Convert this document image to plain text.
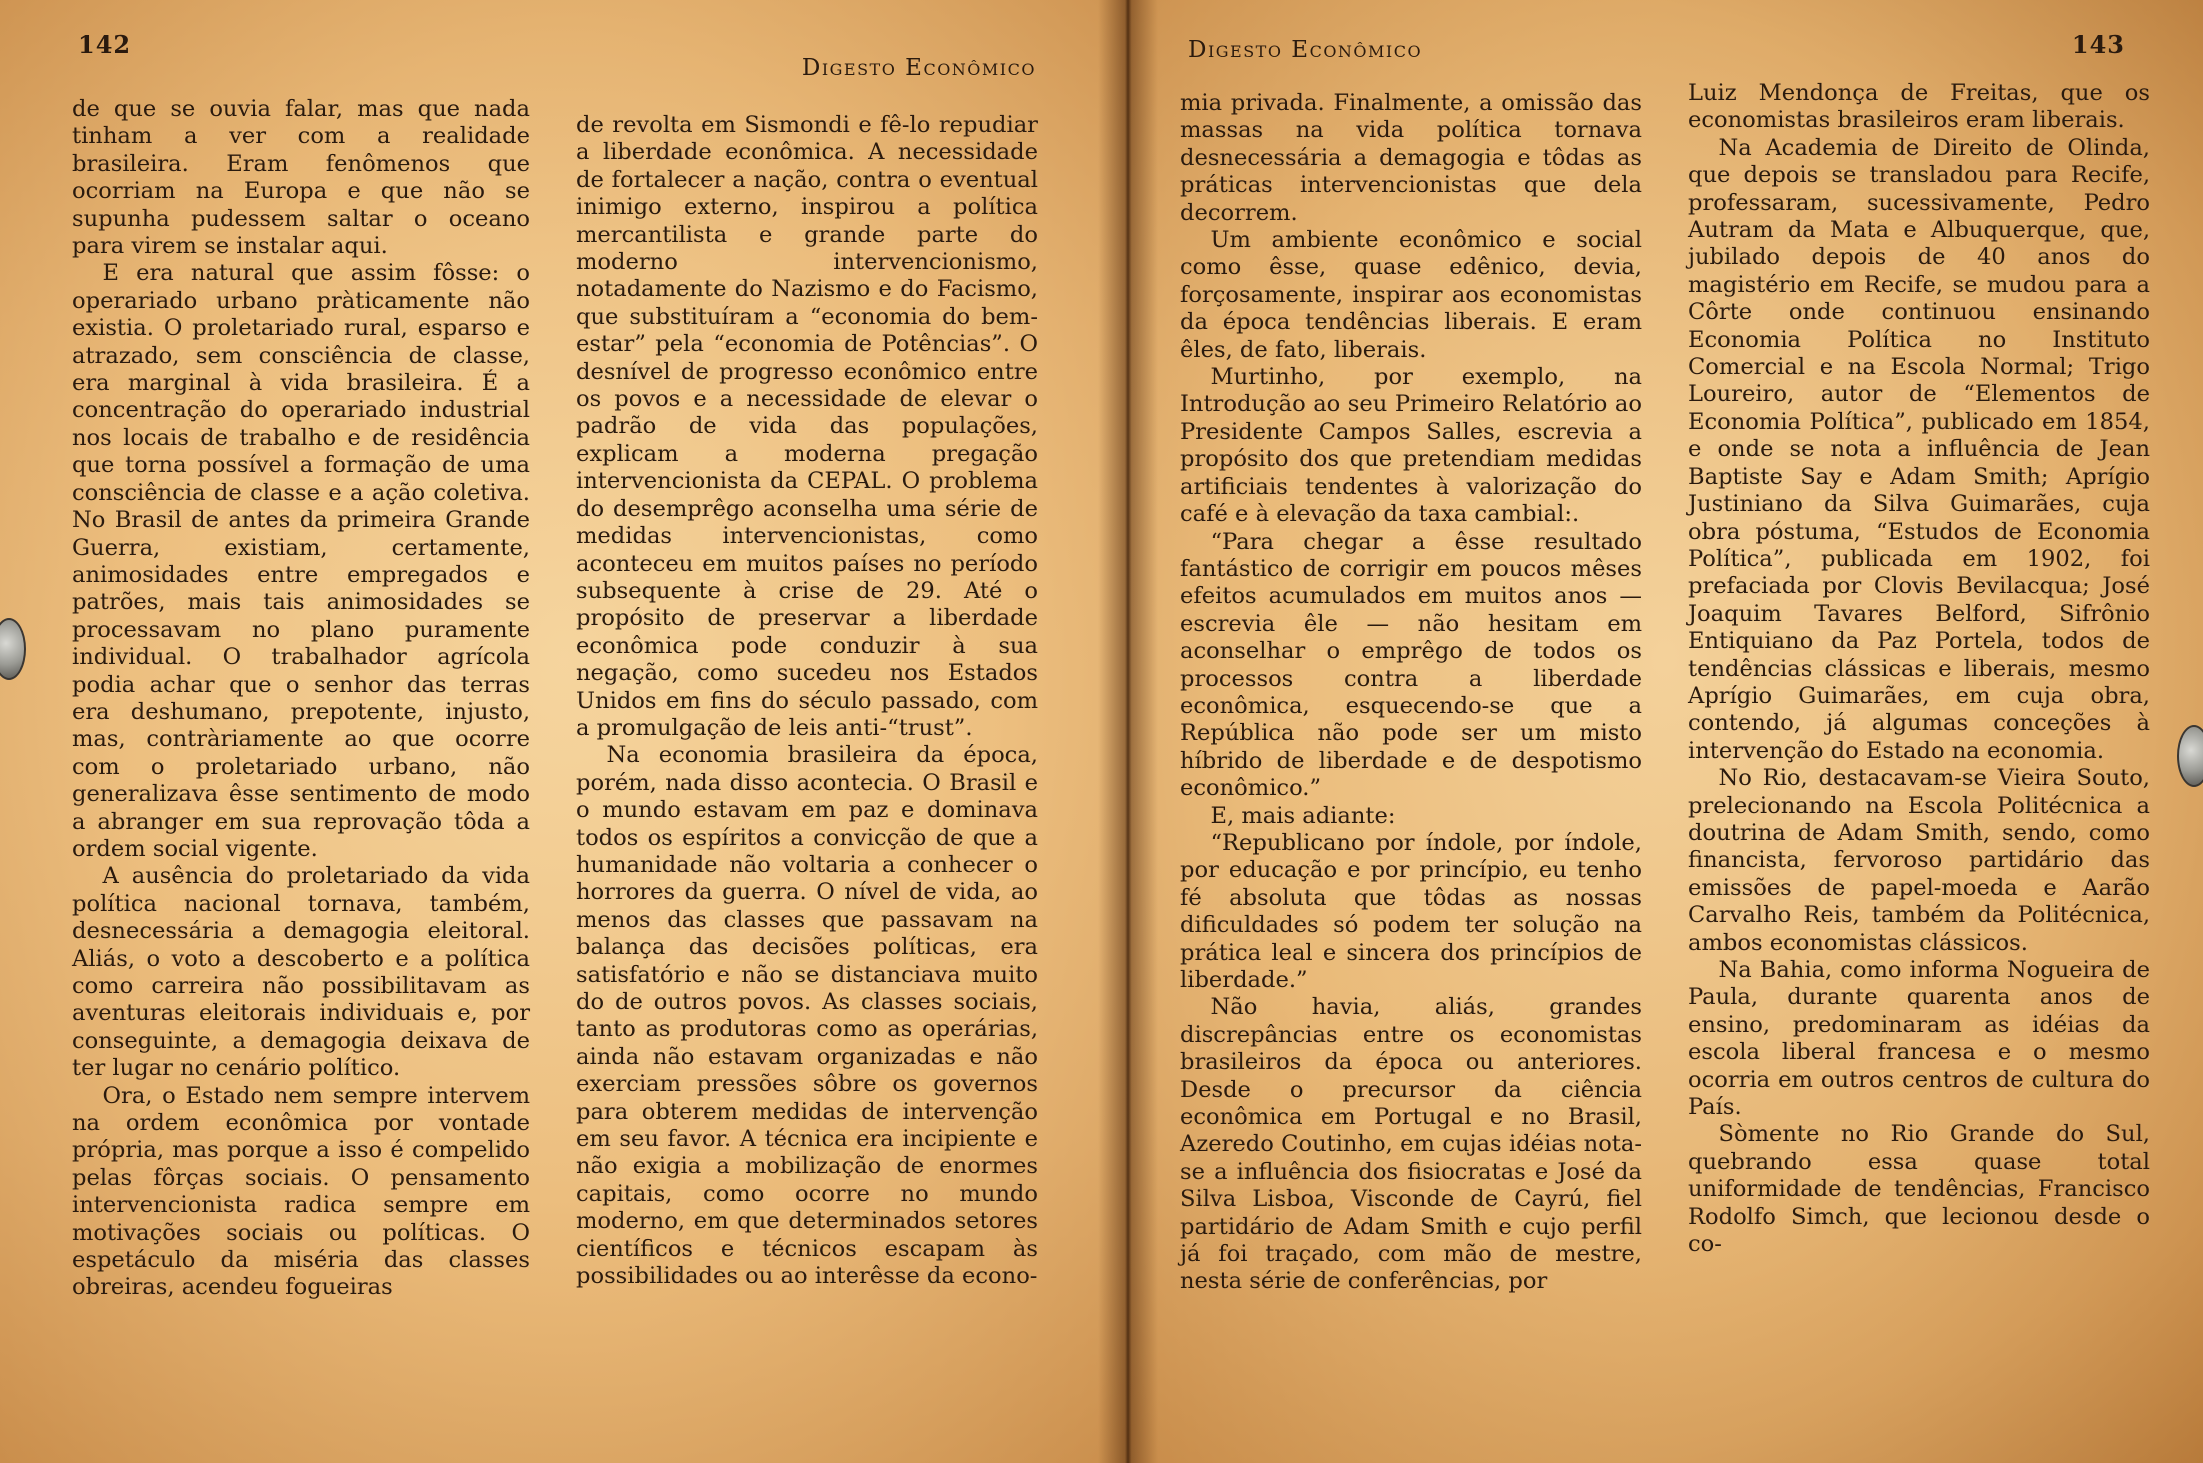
142
Digesto Econômico

de que se ouvia falar, mas que nada tinham a ver com a realidade brasileira. Eram fenômenos que ocorriam na Europa e que não se supunha pudessem saltar o oceano para virem se instalar aqui.

E era natural que assim fôsse: o operariado urbano pràticamente não existia. O proletariado rural, esparso e atrazado, sem consciência de classe, era marginal à vida brasileira. É a concentração do operariado industrial nos locais de trabalho e de residência que torna possível a formação de uma consciência de classe e a ação coletiva. No Brasil de antes da primeira Grande Guerra, existiam, certamente, animosidades entre empregados e patrões, mais tais animosidades se processavam no plano puramente individual. O trabalhador agrícola podia achar que o senhor das terras era deshumano, prepotente, injusto, mas, contràriamente ao que ocorre com o proletariado urbano, não generalizava êsse sentimento de modo a abranger em sua reprovação tôda a ordem social vigente.

A ausência do proletariado da vida política nacional tornava, também, desnecessária a demagogia eleitoral. Aliás, o voto a descoberto e a política como carreira não possibilitavam as aventuras eleitorais individuais e, por conseguinte, a demagogia deixava de ter lugar no cenário político.

Ora, o Estado nem sempre intervem na ordem econômica por vontade própria, mas porque a isso é compelido pelas fôrças sociais. O pensamento intervencionista radica sempre em motivações sociais ou políticas. O espetáculo da miséria das classes obreiras, acendeu fogueiras

de revolta em Sismondi e fê-lo repudiar a liberdade econômica. A necessidade de fortalecer a nação, contra o eventual inimigo externo, inspirou a política mercantilista e grande parte do moderno intervencionismo, notadamente do Nazismo e do Facismo, que substituíram a “economia do bem-estar” pela “economia de Potências”. O desnível de progresso econômico entre os povos e a necessidade de elevar o padrão de vida das populações, explicam a moderna pregação intervencionista da CEPAL. O problema do desemprêgo aconselha uma série de medidas intervencionistas, como aconteceu em muitos países no período subsequente à crise de 29. Até o propósito de preservar a liberdade econômica pode conduzir à sua negação, como sucedeu nos Estados Unidos em fins do século passado, com a promulgação de leis anti-“trust”.

Na economia brasileira da época, porém, nada disso acontecia. O Brasil e o mundo estavam em paz e dominava todos os espíritos a convicção de que a humanidade não voltaria a conhecer o horrores da guerra. O nível de vida, ao menos das classes que passavam na balança das decisões políticas, era satisfatório e não se distanciava muito do de outros povos. As classes sociais, tanto as produtoras como as operárias, ainda não estavam organizadas e não exerciam pressões sôbre os governos para obterem medidas de intervenção em seu favor. A técnica era incipiente e não exigia a mobilização de enormes capitais, como ocorre no mundo moderno, em que determinados setores científicos e técnicos escapam às possibilidades ou ao interêsse da econo-

143
Digesto Econômico

mia privada. Finalmente, a omissão das massas na vida política tornava desnecessária a demagogia e tôdas as práticas intervencionistas que dela decorrem.

Um ambiente econômico e social como êsse, quase edênico, devia, forçosamente, inspirar aos economistas da época tendências liberais. E eram êles, de fato, liberais.

Murtinho, por exemplo, na Introdução ao seu Primeiro Relatório ao Presidente Campos Salles, escrevia a propósito dos que pretendiam medidas artificiais tendentes à valorização do café e à elevação da taxa cambial:.

“Para chegar a êsse resultado fantástico de corrigir em poucos mêses efeitos acumulados em muitos anos — escrevia êle — não hesitam em aconselhar o emprêgo de todos os processos contra a liberdade econômica, esquecendo-se que a República não pode ser um misto híbrido de liberdade e de despotismo econômico.”

E, mais adiante:

“Republicano por índole, por índole, por educação e por princípio, eu tenho fé absoluta que tôdas as nossas dificuldades só podem ter solução na prática leal e sincera dos princípios de liberdade.”

Não havia, aliás, grandes discrepâncias entre os economistas brasileiros da época ou anteriores. Desde o precursor da ciência econômica em Portugal e no Brasil, Azeredo Coutinho, em cujas idéias nota-se a influência dos fisiocratas e José da Silva Lisboa, Visconde de Cayrú, fiel partidário de Adam Smith e cujo perfil já foi traçado, com mão de mestre, nesta série de conferências, por

Luiz Mendonça de Freitas, que os economistas brasileiros eram liberais.

Na Academia de Direito de Olinda, que depois se transladou para Recife, professaram, sucessivamente, Pedro Autram da Mata e Albuquerque, que, jubilado depois de 40 anos do magistério em Recife, se mudou para a Côrte onde continuou ensinando Economia Política no Instituto Comercial e na Escola Normal; Trigo Loureiro, autor de “Elementos de Economia Política”, publicado em 1854, e onde se nota a influência de Jean Baptiste Say e Adam Smith; Aprígio Justiniano da Silva Guimarães, cuja obra póstuma, “Estudos de Economia Política”, publicada em 1902, foi prefaciada por Clovis Bevilacqua; José Joaquim Tavares Belford, Sifrônio Entiquiano da Paz Portela, todos de tendências clássicas e liberais, mesmo Aprígio Guimarães, em cuja obra, contendo, já algumas conceções à intervenção do Estado na economia.

No Rio, destacavam-se Vieira Souto, prelecionando na Escola Politécnica a doutrina de Adam Smith, sendo, como financista, fervoroso partidário das emissões de papel-moeda e Aarão Carvalho Reis, também da Politécnica, ambos economistas clássicos.

Na Bahia, como informa Nogueira de Paula, durante quarenta anos de ensino, predominaram as idéias da escola liberal francesa e o mesmo ocorria em outros centros de cultura do País.

Sòmente no Rio Grande do Sul, quebrando essa quase total uniformidade de tendências, Francisco Rodolfo Simch, que lecionou desde o co-
